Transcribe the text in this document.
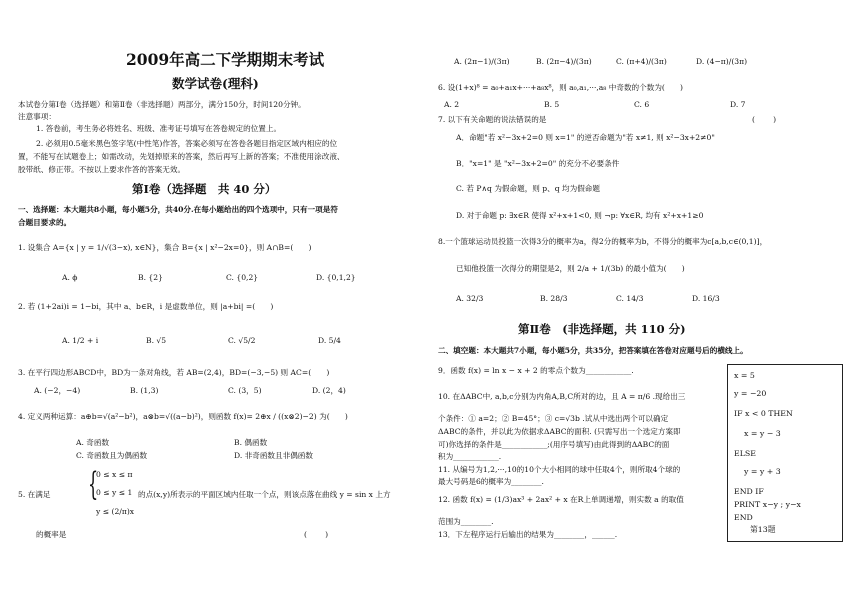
2009年高二下学期期末考试
数学试卷(理科)
本试卷分第Ⅰ卷（选择题）和第Ⅱ卷（非选择题）两部分，满分150分，时间120分钟。
注意事项：
1. 答卷前，考生务必将姓名、班级、准考证号填写在答卷规定的位置上。
2. 必须用0.5毫米黑色签字笔(中性笔)作答，答案必须写在答卷各题目指定区域内相应的位
置，不能写在试题卷上；如需改动，先划掉原来的答案，然后再写上新的答案；不准使用涂改液、
胶带纸、修正带。不按以上要求作答的答案无效。
第Ⅰ卷（选择题　共 40 分）
一、选择题：本大题共8小题，每小题5分，共40分.在每小题给出的四个选项中，只有一项是符
合题目要求的。
1. 设集合 A={x | y = 1/√(3−x), x∈N}，集合 B={x | x²−2x=0}，则 A∩B=(　　)
A. ϕ	B. {2}	C. {0,2}	D. {0,1,2}
2. 若 (1+2ai)i = 1−bi，其中 a、b∈R，i 是虚数单位，则 |a+bi| =(　　)
A. 1/2 + i	B. √5	C. √5/2	D. 5/4
3. 在平行四边形ABCD中，BD为一条对角线，若 AB=(2,4)，BD=(−3,−5) 则 AC=(　　)
A. (−2，−4)	B. (1,3)	C. (3，5)	D. (2，4)
4. 定义两种运算：a⊕b=√(a²−b²)，a⊗b=√((a−b)²)，则函数 f(x)= 2⊕x / ((x⊗2)−2) 为(　　)
A. 奇函数	B. 偶函数
C. 奇函数且为偶函数	D. 非奇函数且非偶函数
{
0 ≤ x ≤ π
0 ≤ y ≤ 1
y ≤ (2/π)x
5. 在满足	的点(x,y)所表示的平面区域内任取一个点，则该点落在曲线 y = sin x 上方
的概率是	(　　)
A. (2π−1)/(3π)	B. (2π−4)/(3π)	C. (π+4)/(3π)	D. (4−π)/(3π)
6. 设(1+x)⁸ = a₀+a₁x+···+a₈x⁸，则 a₀,a₁,···,a₈ 中奇数的个数为(　　)
A. 2	B. 5	C. 6	D. 7
7. 以下有关命题的说法错误的是	(　　)
A．命题"若 x²−3x+2=0 则 x=1" 的逆否命题为"若 x≠1, 则 x²−3x+2≠0"
B．"x=1" 是 "x²−3x+2=0" 的充分不必要条件
C. 若 P∧q 为假命题，则 p、q 均为假命题
D. 对于命题 p: ∃x∈R 使得 x²+x+1<0, 则 ¬p: ∀x∈R, 均有 x²+x+1≥0
8.一个篮球运动员投篮一次得3分的概率为a，得2分的概率为b，不得分的概率为c[a,b,c∈(0,1)]，
已知他投篮一次得分的期望是2，则 2/a + 1/(3b) 的最小值为(　　)
A. 32/3	B. 28/3	C. 14/3	D. 16/3
第Ⅱ卷　(非选择题，共 110 分)
二、填空题：本大题共7小题，每小题5分，共35分，把答案填在答卷对应题号后的横线上。
9．函数 f(x) = ln x − x + 2 的零点个数为____________.
10. 在ΔABC中, a,b,c分别为内角A,B,C所对的边，且 A = π/6 .现给出三
个条件：① a=2；② B=45°；③ c=√3b .试从中选出两个可以确定
ΔABC的条件，并以此为依据求ΔABC的面积. (只需写出一个选定方案即
可)你选择的条件是____________;(用序号填写)由此得到的ΔABC的面
积为____________.
11. 从编号为1,2,···,10的10个大小相同的球中任取4个，则所取4个球的
最大号码是6的概率为________.
12. 函数 f(x) = (1/3)ax³ + 2ax² + x 在R上单调递增，则实数 a 的取值
范围为________.
13．下左程序运行后输出的结果为________，______.
x = 5
y = −20
IF x < 0 THEN
x = y − 3
ELSE
y = y + 3
END IF
PRINT x−y ; y−x
END
第13题
